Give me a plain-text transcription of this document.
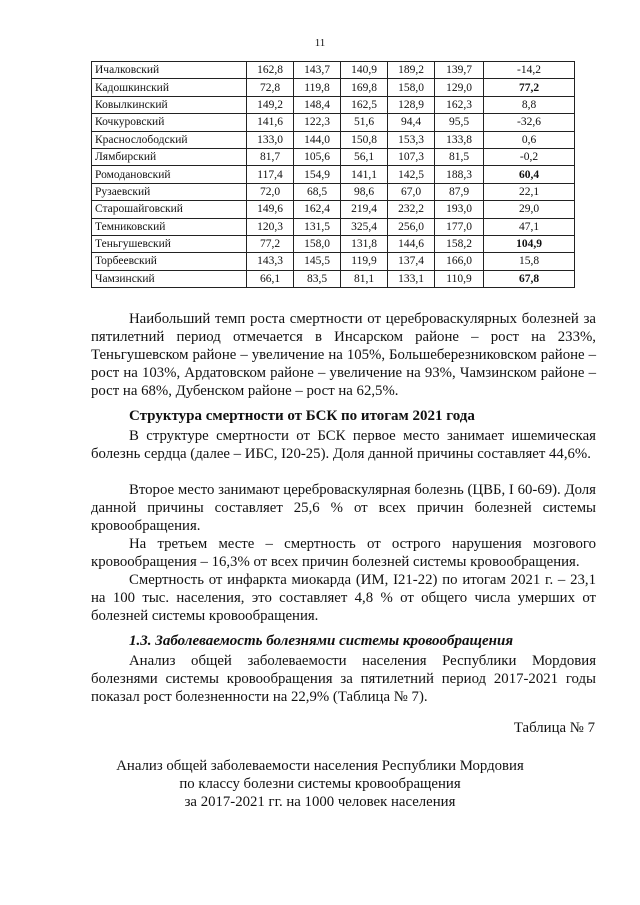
11
Ичалковский	162,8	143,7	140,9	189,2	139,7	-14,2
Кадошкинский	72,8	119,8	169,8	158,0	129,0	77,2
Ковылкинский	149,2	148,4	162,5	128,9	162,3	8,8
Кочкуровский	141,6	122,3	51,6	94,4	95,5	-32,6
Краснослободский	133,0	144,0	150,8	153,3	133,8	0,6
Лямбирский	81,7	105,6	56,1	107,3	81,5	-0,2
Ромодановский	117,4	154,9	141,1	142,5	188,3	60,4
Рузаевский	72,0	68,5	98,6	67,0	87,9	22,1
Старошайговский	149,6	162,4	219,4	232,2	193,0	29,0
Темниковский	120,3	131,5	325,4	256,0	177,0	47,1
Теньгушевский	77,2	158,0	131,8	144,6	158,2	104,9
Торбеевский	143,3	145,5	119,9	137,4	166,0	15,8
Чамзинский	66,1	83,5	81,1	133,1	110,9	67,8

Наибольший темп роста смертности от цереброваскулярных болезней за пятилетний период отмечается в Инсарском районе – рост на 233%, Теньгушевском районе – увеличение на 105%, Большеберезниковском районе – рост на 103%, Ардатовском районе – увеличение на 93%, Чамзинском районе – рост на 68%, Дубенском районе – рост на 62,5%.

Структура смертности от БСК по итогам 2021 года

В структуре смертности от БСК первое место занимает ишемическая болезнь сердца (далее – ИБС, I20-25). Доля данной причины составляет 44,6%.

Второе место занимают цереброваскулярная болезнь (ЦВБ, I 60-69). Доля данной причины составляет 25,6 % от всех причин болезней системы кровообращения.

На третьем месте – смертность от острого нарушения мозгового кровообращения – 16,3% от всех причин болезней системы кровообращения.

Смертность от инфаркта миокарда (ИМ, I21-22) по итогам 2021 г. – 23,1 на 100 тыс. населения, это составляет 4,8 % от общего числа умерших от болезней системы кровообращения.

1.3. Заболеваемость болезнями системы кровообращения

Анализ общей заболеваемости населения Республики Мордовия болезнями системы кровообращения за пятилетний период 2017-2021 годы показал рост болезненности на 22,9% (Таблица № 7).

Таблица № 7
Анализ общей заболеваемости населения Республики Мордовия
по классу болезни системы кровообращения
за 2017-2021 гг. на 1000 человек населения
